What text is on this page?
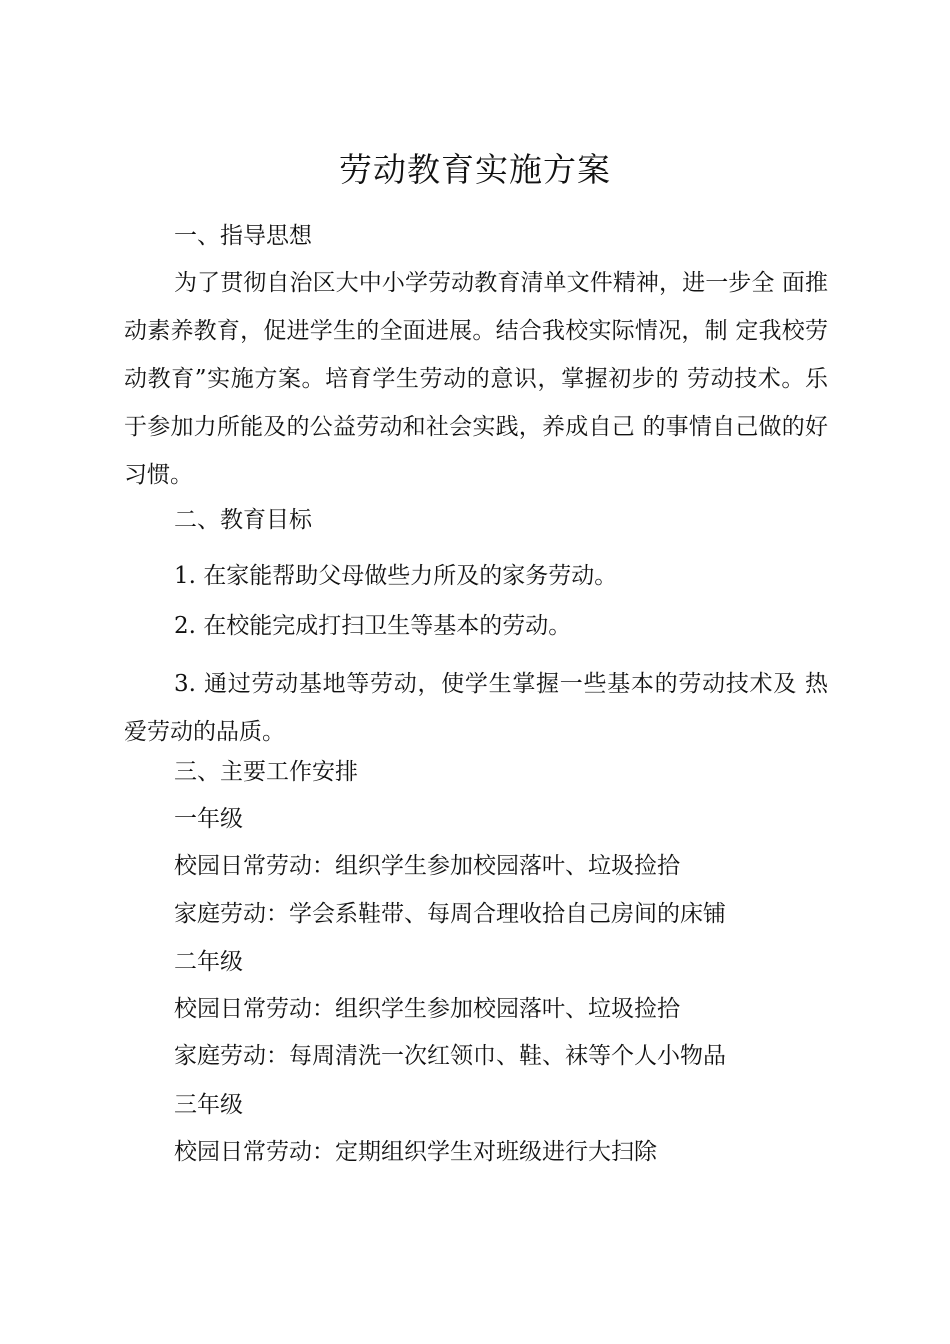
劳动教育实施方案
一、指导思想
为了贯彻自治区大中小学劳动教育清单文件精神，进一步全 面推动素养教育，促进学生的全面进展。结合我校实际情况，制 定我校劳动教育”实施方案。培育学生劳动的意识，掌握初步的 劳动技术。乐于参加力所能及的公益劳动和社会实践，养成自己 的事情自己做的好习惯。
二、教育目标
1. 在家能帮助父母做些力所及的家务劳动。
2. 在校能完成打扫卫生等基本的劳动。
3. 通过劳动基地等劳动，使学生掌握一些基本的劳动技术及 热爱劳动的品质。
三、主要工作安排
一年级
校园日常劳动：组织学生参加校园落叶、垃圾捡拾
家庭劳动：学会系鞋带、每周合理收拾自己房间的床铺
二年级
校园日常劳动：组织学生参加校园落叶、垃圾捡拾
家庭劳动：每周清洗一次红领巾、鞋、袜等个人小物品
三年级
校园日常劳动：定期组织学生对班级进行大扫除
